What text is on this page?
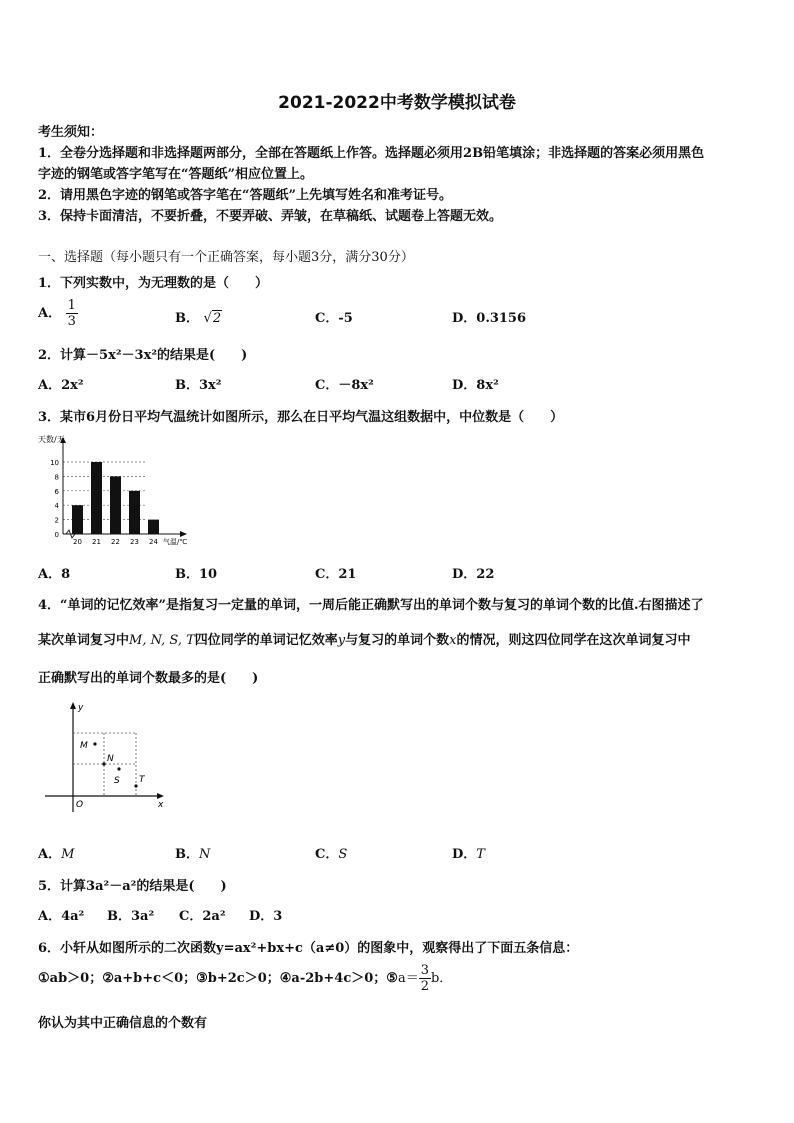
2021-2022中考数学模拟试卷
考生须知：
1．全卷分选择题和非选择题两部分，全部在答题纸上作答。选择题必须用2B铅笔填涂；非选择题的答案必须用黑色
字迹的钢笔或答字笔写在“答题纸”相应位置上。
2．请用黑色字迹的钢笔或答字笔在“答题纸”上先填写姓名和准考证号。
3．保持卡面清洁，不要折叠，不要弄破、弄皱，在草稿纸、试题卷上答题无效。
一、选择题（每小题只有一个正确答案，每小题3分，满分30分）
1．下列实数中，为无理数的是（　　）
A． $\frac{1}{3}$	B． √2	C．-5	D．0.3156
2．计算－5x²－3x²的结果是(　　)
A．2x²	B．3x²	C．－8x²	D．8x²
3．某市6月份日平均气温统计如图所示，那么在日平均气温这组数据中，中位数是（　　）
0
2
4
6
8
10
天数/天
20 21 22 23 24 气温/℃
A．8	B．10	C．21	D．22
4．“单词的记忆效率”是指复习一定量的单词，一周后能正确默写出的单词个数与复习的单词个数的比值.右图描述了
某次单词复习中M, N, S, T四位同学的单词记忆效率y与复习的单词个数x的情况，则这四位同学在这次单词复习中
正确默写出的单词个数最多的是(　　)
y
x
O
M
N
S T
A．M	B．N	C．S	D．T
5．计算3a²－a²的结果是(　　)
A．4a² B．3a² C．2a² D．3
6．小轩从如图所示的二次函数y=ax²+bx+c（a≠0）的图象中，观察得出了下面五条信息：
①ab＞0；②a+b+c＜0；③b+2c＞0；④a-2b+4c＞0；⑤a＝ $\frac{3}{2}$ b．
你认为其中正确信息的个数有
